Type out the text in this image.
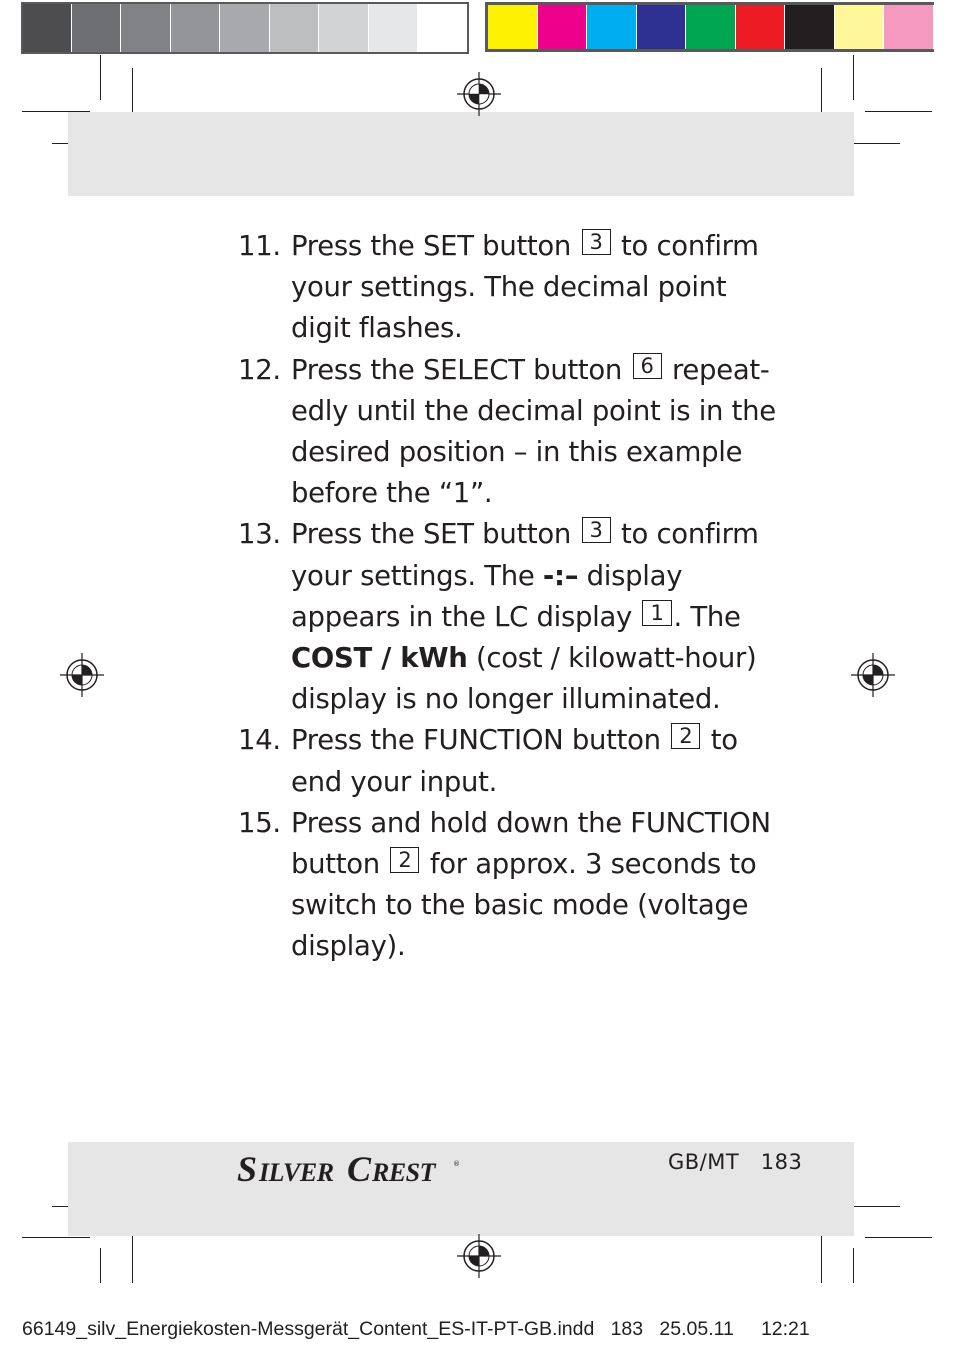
11. Press the SET button 3 to confirm your settings. The decimal point digit flashes.
12. Press the SELECT button 6 repeat-edly until the decimal point is in the desired position – in this example before the “1”.
13. Press the SET button 3 to confirm your settings. The -:– display appears in the LC display 1 . The COST / kWh (cost / kilowatt-hour) display is no longer illuminated.
14. Press the FUNCTION button 2 to end your input.
15. Press and hold down the FUNCTION button 2 for approx. 3 seconds to switch to the basic mode (voltage display).
S ILVER C REST	®	GB/MT 183
66149_silv_Energiekosten-Messgerät_Content_ES-IT-PT-GB.indd 183 25.05.11 12:21
